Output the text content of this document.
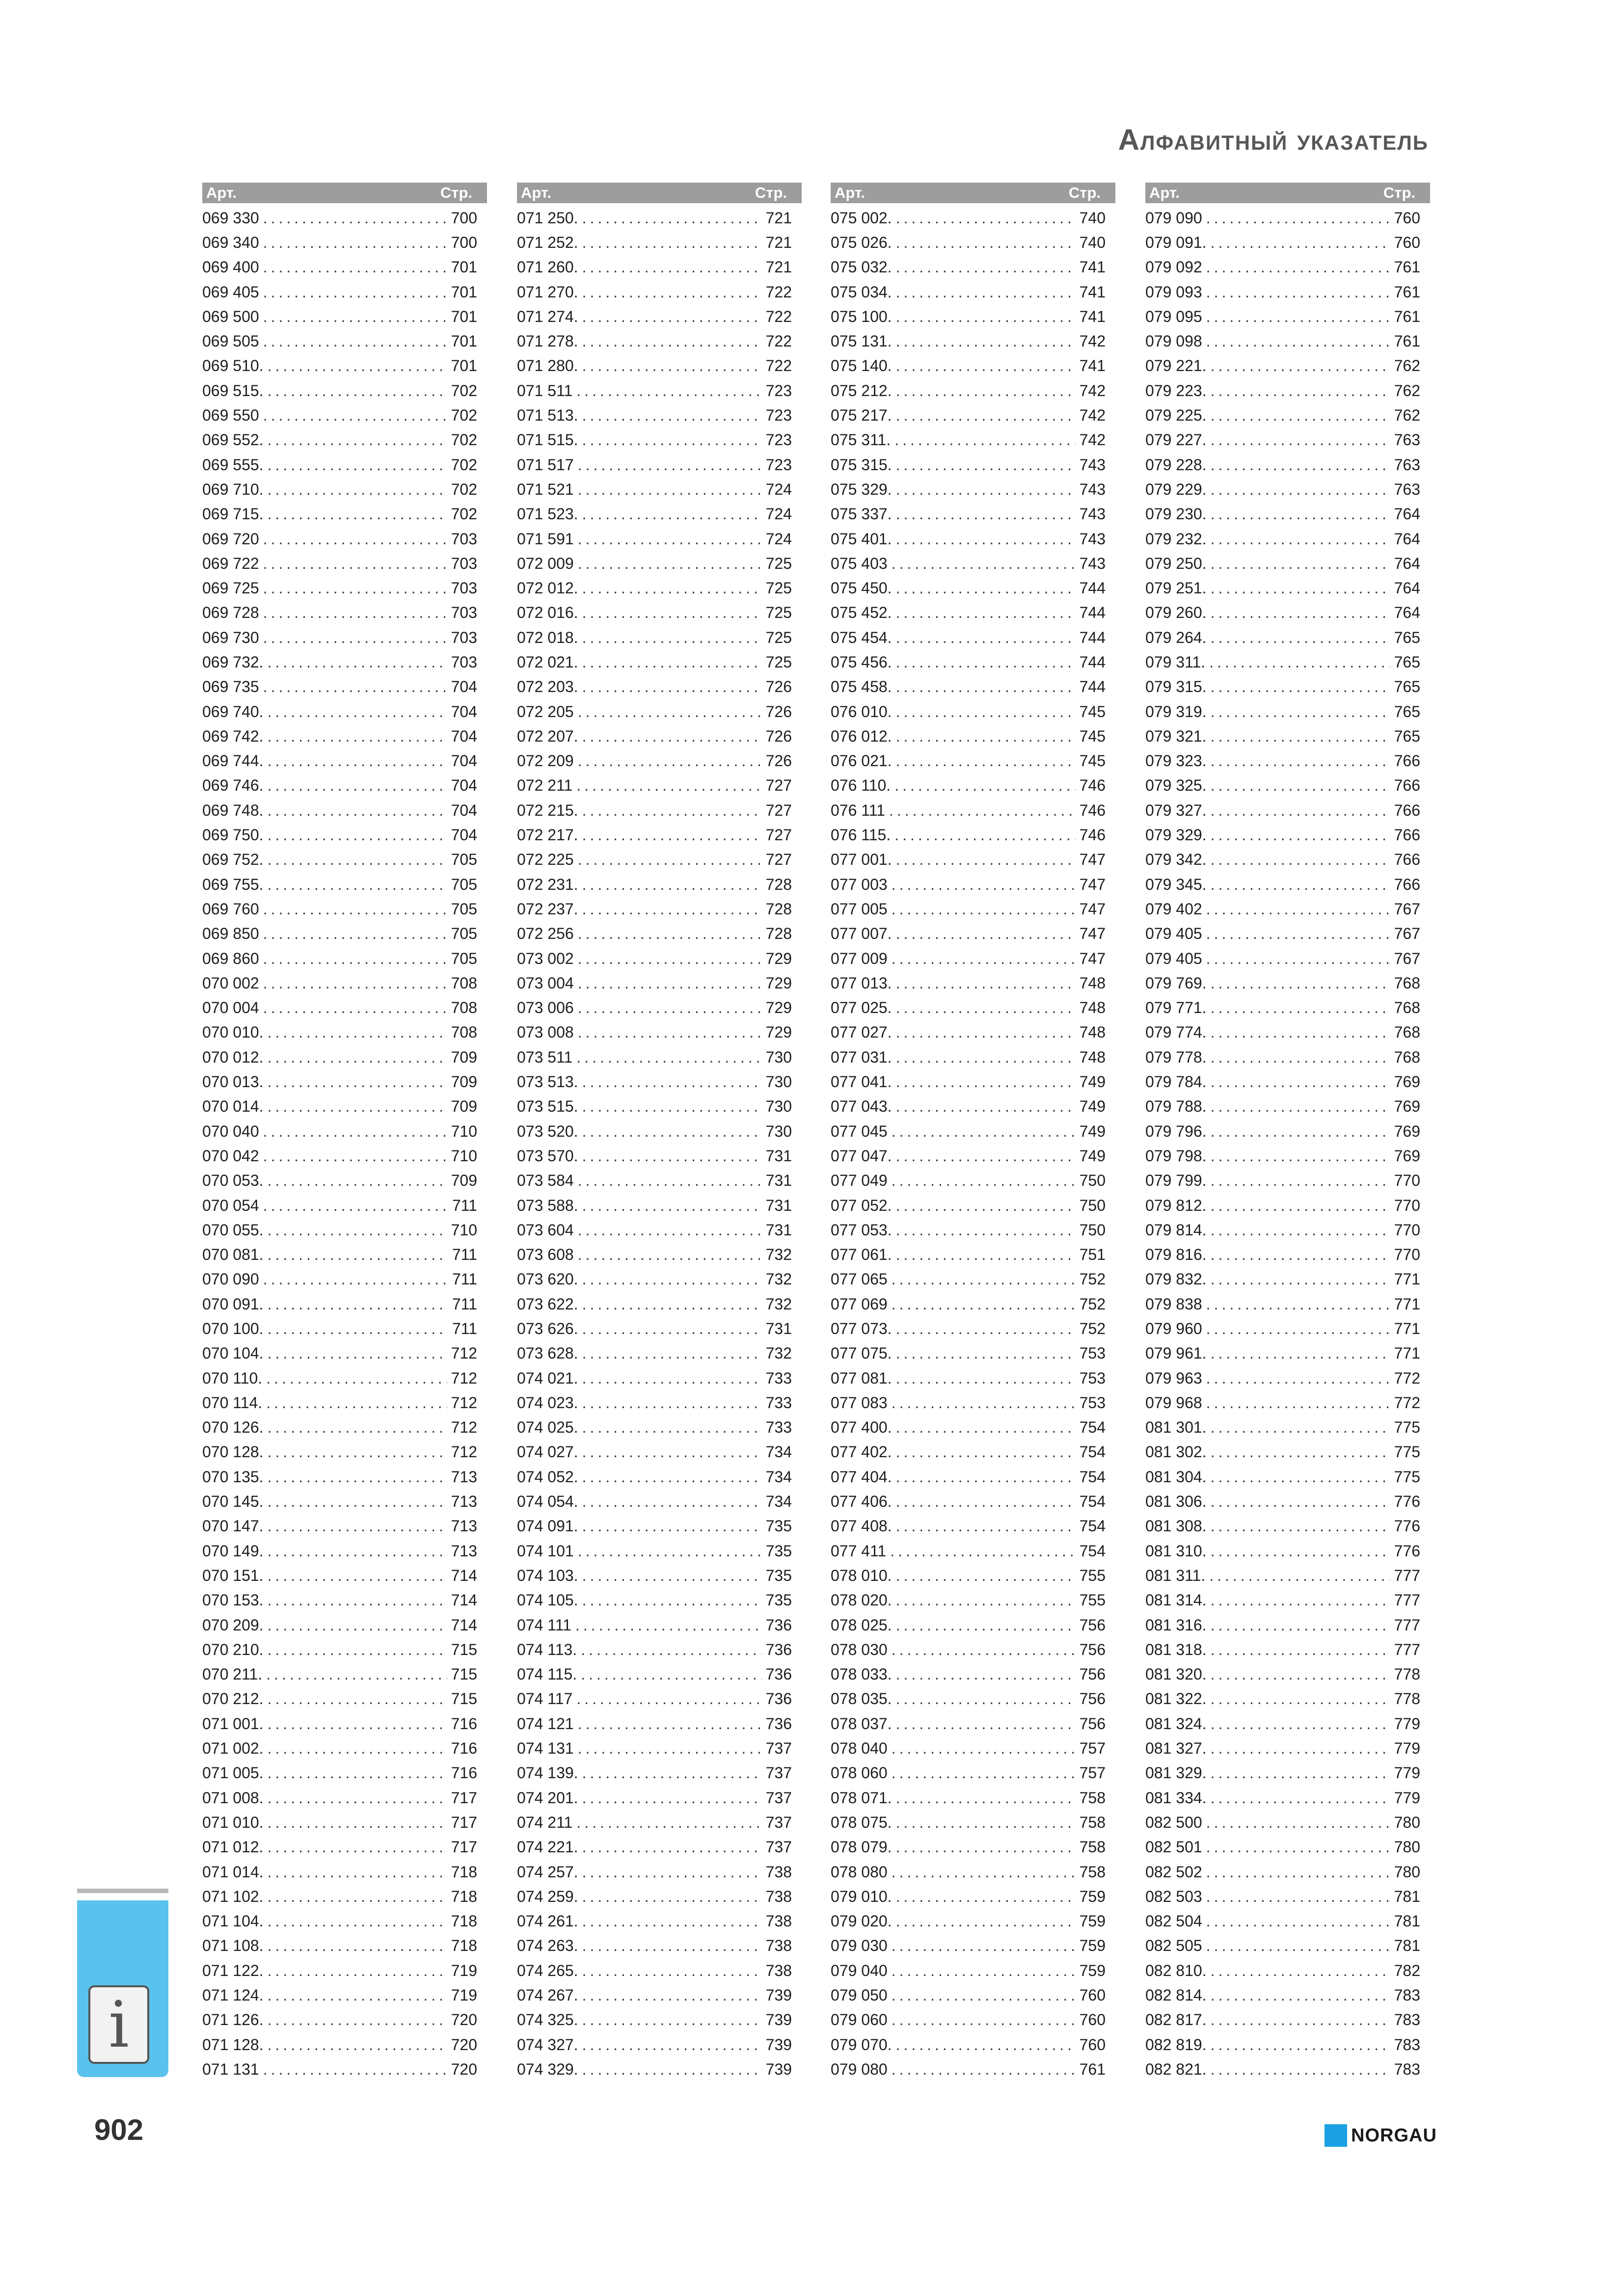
Алфавитный указатель
Арт.	Стр.
069 330 .....	700
069 340 .....	700
069 400 .....	701
069 405 .....	701
069 500 .....	701
069 505 .....	701
069 510. .....	701
069 515. .....	702
069 550 .....	702
069 552. .....	702
069 555. .....	702
069 710. .....	702
069 715. .....	702
069 720 .....	703
069 722 .....	703
069 725 .....	703
069 728 .....	703
069 730 .....	703
069 732. .....	703
069 735 .....	704
069 740. .....	704
069 742. .....	704
069 744. .....	704
069 746. .....	704
069 748. .....	704
069 750. .....	704
069 752. .....	705
069 755. .....	705
069 760 .....	705
069 850 .....	705
069 860 .....	705
070 002 .....	708
070 004 .....	708
070 010. .....	708
070 012. .....	709
070 013. .....	709
070 014. .....	709
070 040 .....	710
070 042 .....	710
070 053. .....	709
070 054 .....	711
070 055. .....	710
070 081. .....	711
070 090 .....	711
070 091. .....	711
070 100. .....	711
070 104. .....	712
070 110. .....	712
070 114. .....	712
070 126. .....	712
070 128. .....	712
070 135. .....	713
070 145. .....	713
070 147. .....	713
070 149. .....	713
070 151. .....	714
070 153. .....	714
070 209. .....	714
070 210. .....	715
070 211. .....	715
070 212. .....	715
071 001. .....	716
071 002. .....	716
071 005. .....	716
071 008. .....	717
071 010. .....	717
071 012. .....	717
071 014. .....	718
071 102. .....	718
071 104. .....	718
071 108. .....	718
071 122. .....	719
071 124. .....	719
071 126. .....	720
071 128. .....	720
071 131 .....	720
Арт.	Стр.
071 250. .....	721
071 252. .....	721
071 260. .....	721
071 270. .....	722
071 274. .....	722
071 278. .....	722
071 280. .....	722
071 511 .....	723
071 513. .....	723
071 515. .....	723
071 517 .....	723
071 521 .....	724
071 523. .....	724
071 591 .....	724
072 009 .....	725
072 012. .....	725
072 016. .....	725
072 018. .....	725
072 021. .....	725
072 203. .....	726
072 205 .....	726
072 207. .....	726
072 209 .....	726
072 211 .....	727
072 215. .....	727
072 217. .....	727
072 225 .....	727
072 231. .....	728
072 237. .....	728
072 256 .....	728
073 002 .....	729
073 004 .....	729
073 006 .....	729
073 008 .....	729
073 511 .....	730
073 513. .....	730
073 515. .....	730
073 520. .....	730
073 570. .....	731
073 584 .....	731
073 588. .....	731
073 604 .....	731
073 608 .....	732
073 620. .....	732
073 622. .....	732
073 626. .....	731
073 628. .....	732
074 021. .....	733
074 023. .....	733
074 025. .....	733
074 027. .....	734
074 052. .....	734
074 054. .....	734
074 091. .....	735
074 101 .....	735
074 103. .....	735
074 105. .....	735
074 111 .....	736
074 113. .....	736
074 115. .....	736
074 117 .....	736
074 121 .....	736
074 131 .....	737
074 139. .....	737
074 201. .....	737
074 211 .....	737
074 221. .....	737
074 257. .....	738
074 259. .....	738
074 261. .....	738
074 263. .....	738
074 265. .....	738
074 267. .....	739
074 325. .....	739
074 327. .....	739
074 329. .....	739
Арт.	Стр.
075 002. .....	740
075 026. .....	740
075 032. .....	741
075 034. .....	741
075 100. .....	741
075 131. .....	742
075 140. .....	741
075 212. .....	742
075 217. .....	742
075 311. .....	742
075 315. .....	743
075 329. .....	743
075 337. .....	743
075 401. .....	743
075 403 .....	743
075 450. .....	744
075 452. .....	744
075 454. .....	744
075 456. .....	744
075 458. .....	744
076 010. .....	745
076 012. .....	745
076 021. .....	745
076 110. .....	746
076 111 .....	746
076 115. .....	746
077 001. .....	747
077 003 .....	747
077 005 .....	747
077 007. .....	747
077 009 .....	747
077 013. .....	748
077 025. .....	748
077 027. .....	748
077 031. .....	748
077 041. .....	749
077 043. .....	749
077 045 .....	749
077 047. .....	749
077 049 .....	750
077 052. .....	750
077 053. .....	750
077 061. .....	751
077 065 .....	752
077 069 .....	752
077 073. .....	752
077 075. .....	753
077 081. .....	753
077 083 .....	753
077 400. .....	754
077 402. .....	754
077 404. .....	754
077 406. .....	754
077 408. .....	754
077 411 .....	754
078 010. .....	755
078 020. .....	755
078 025. .....	756
078 030 .....	756
078 033. .....	756
078 035. .....	756
078 037. .....	756
078 040 .....	757
078 060 .....	757
078 071. .....	758
078 075. .....	758
078 079. .....	758
078 080 .....	758
079 010. .....	759
079 020. .....	759
079 030 .....	759
079 040 .....	759
079 050 .....	760
079 060 .....	760
079 070. .....	760
079 080 .....	761
Арт.	Стр.
079 090 .....	760
079 091. .....	760
079 092 .....	761
079 093 .....	761
079 095 .....	761
079 098 .....	761
079 221. .....	762
079 223. .....	762
079 225. .....	762
079 227. .....	763
079 228. .....	763
079 229. .....	763
079 230. .....	764
079 232. .....	764
079 250. .....	764
079 251. .....	764
079 260. .....	764
079 264. .....	765
079 311. .....	765
079 315. .....	765
079 319. .....	765
079 321. .....	765
079 323. .....	766
079 325. .....	766
079 327. .....	766
079 329. .....	766
079 342. .....	766
079 345. .....	766
079 402 .....	767
079 405 .....	767
079 405 .....	767
079 769. .....	768
079 771. .....	768
079 774. .....	768
079 778. .....	768
079 784. .....	769
079 788. .....	769
079 796. .....	769
079 798. .....	769
079 799. .....	770
079 812. .....	770
079 814. .....	770
079 816. .....	770
079 832. .....	771
079 838 .....	771
079 960 .....	771
079 961. .....	771
079 963 .....	772
079 968 .....	772
081 301. .....	775
081 302. .....	775
081 304. .....	775
081 306. .....	776
081 308. .....	776
081 310. .....	776
081 311. .....	777
081 314. .....	777
081 316. .....	777
081 318. .....	777
081 320. .....	778
081 322. .....	778
081 324. .....	779
081 327. .....	779
081 329. .....	779
081 334. .....	779
082 500 .....	780
082 501 .....	780
082 502 .....	780
082 503 .....	781
082 504 .....	781
082 505 .....	781
082 810. .....	782
082 814. .....	783
082 817. .....	783
082 819. .....	783
082 821. .....	783
i
902	NORGAU
